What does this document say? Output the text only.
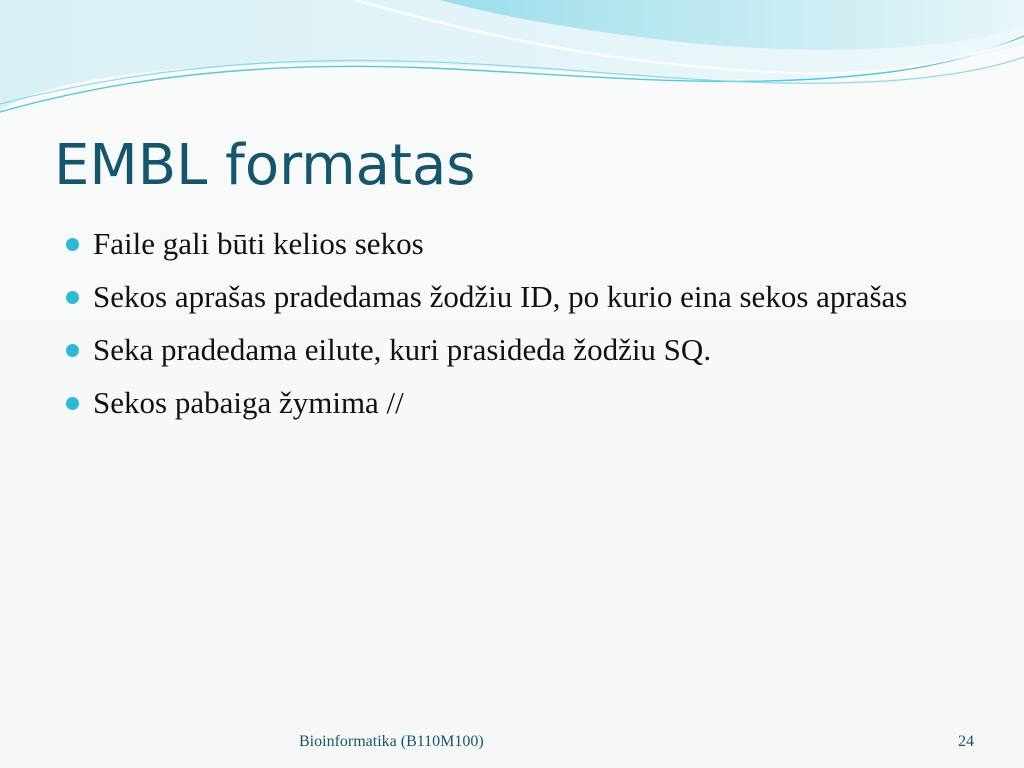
EMBL formatas
Faile gali būti kelios sekos
Sekos aprašas pradedamas žodžiu ID, po kurio eina sekos aprašas
Seka pradedama eilute, kuri prasideda žodžiu SQ.
Sekos pabaiga žymima //
Bioinformatika (B110M100)	24
